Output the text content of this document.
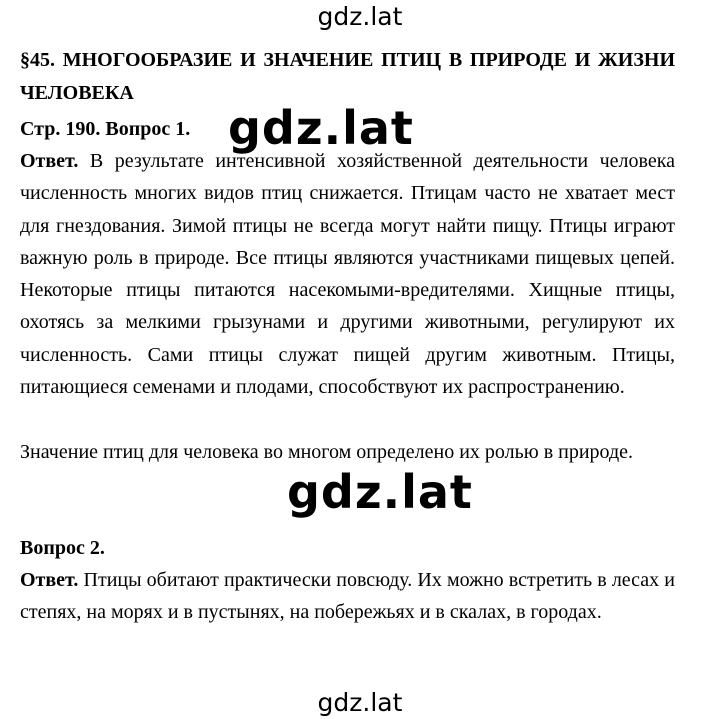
gdz.lat
§45. МНОГООБРАЗИЕ И ЗНАЧЕНИЕ ПТИЦ В ПРИРОДЕ И ЖИЗНИ ЧЕЛОВЕКА
Стр. 190. Вопрос 1.
Ответ. В результате интенсивной хозяйственной деятельности человека численность многих видов птиц снижается. Птицам часто не хватает мест для гнездования. Зимой птицы не всегда могут найти пищу. Птицы играют важную роль в природе. Все птицы являются участниками пищевых цепей. Некоторые птицы питаются насекомыми-вредителями. Хищные птицы, охотясь за мелкими грызунами и другими животными, регулируют их численность. Сами птицы служат пищей другим животным. Птицы, питающиеся семенами и плодами, способствуют их распространению.
Значение птиц для человека во многом определено их ролью в природе.
Вопрос 2.
Ответ. Птицы обитают практически повсюду. Их можно встретить в лесах и степях, на морях и в пустынях, на побережьях и в скалах, в городах.
gdz.lat
gdz.lat
gdz.lat
